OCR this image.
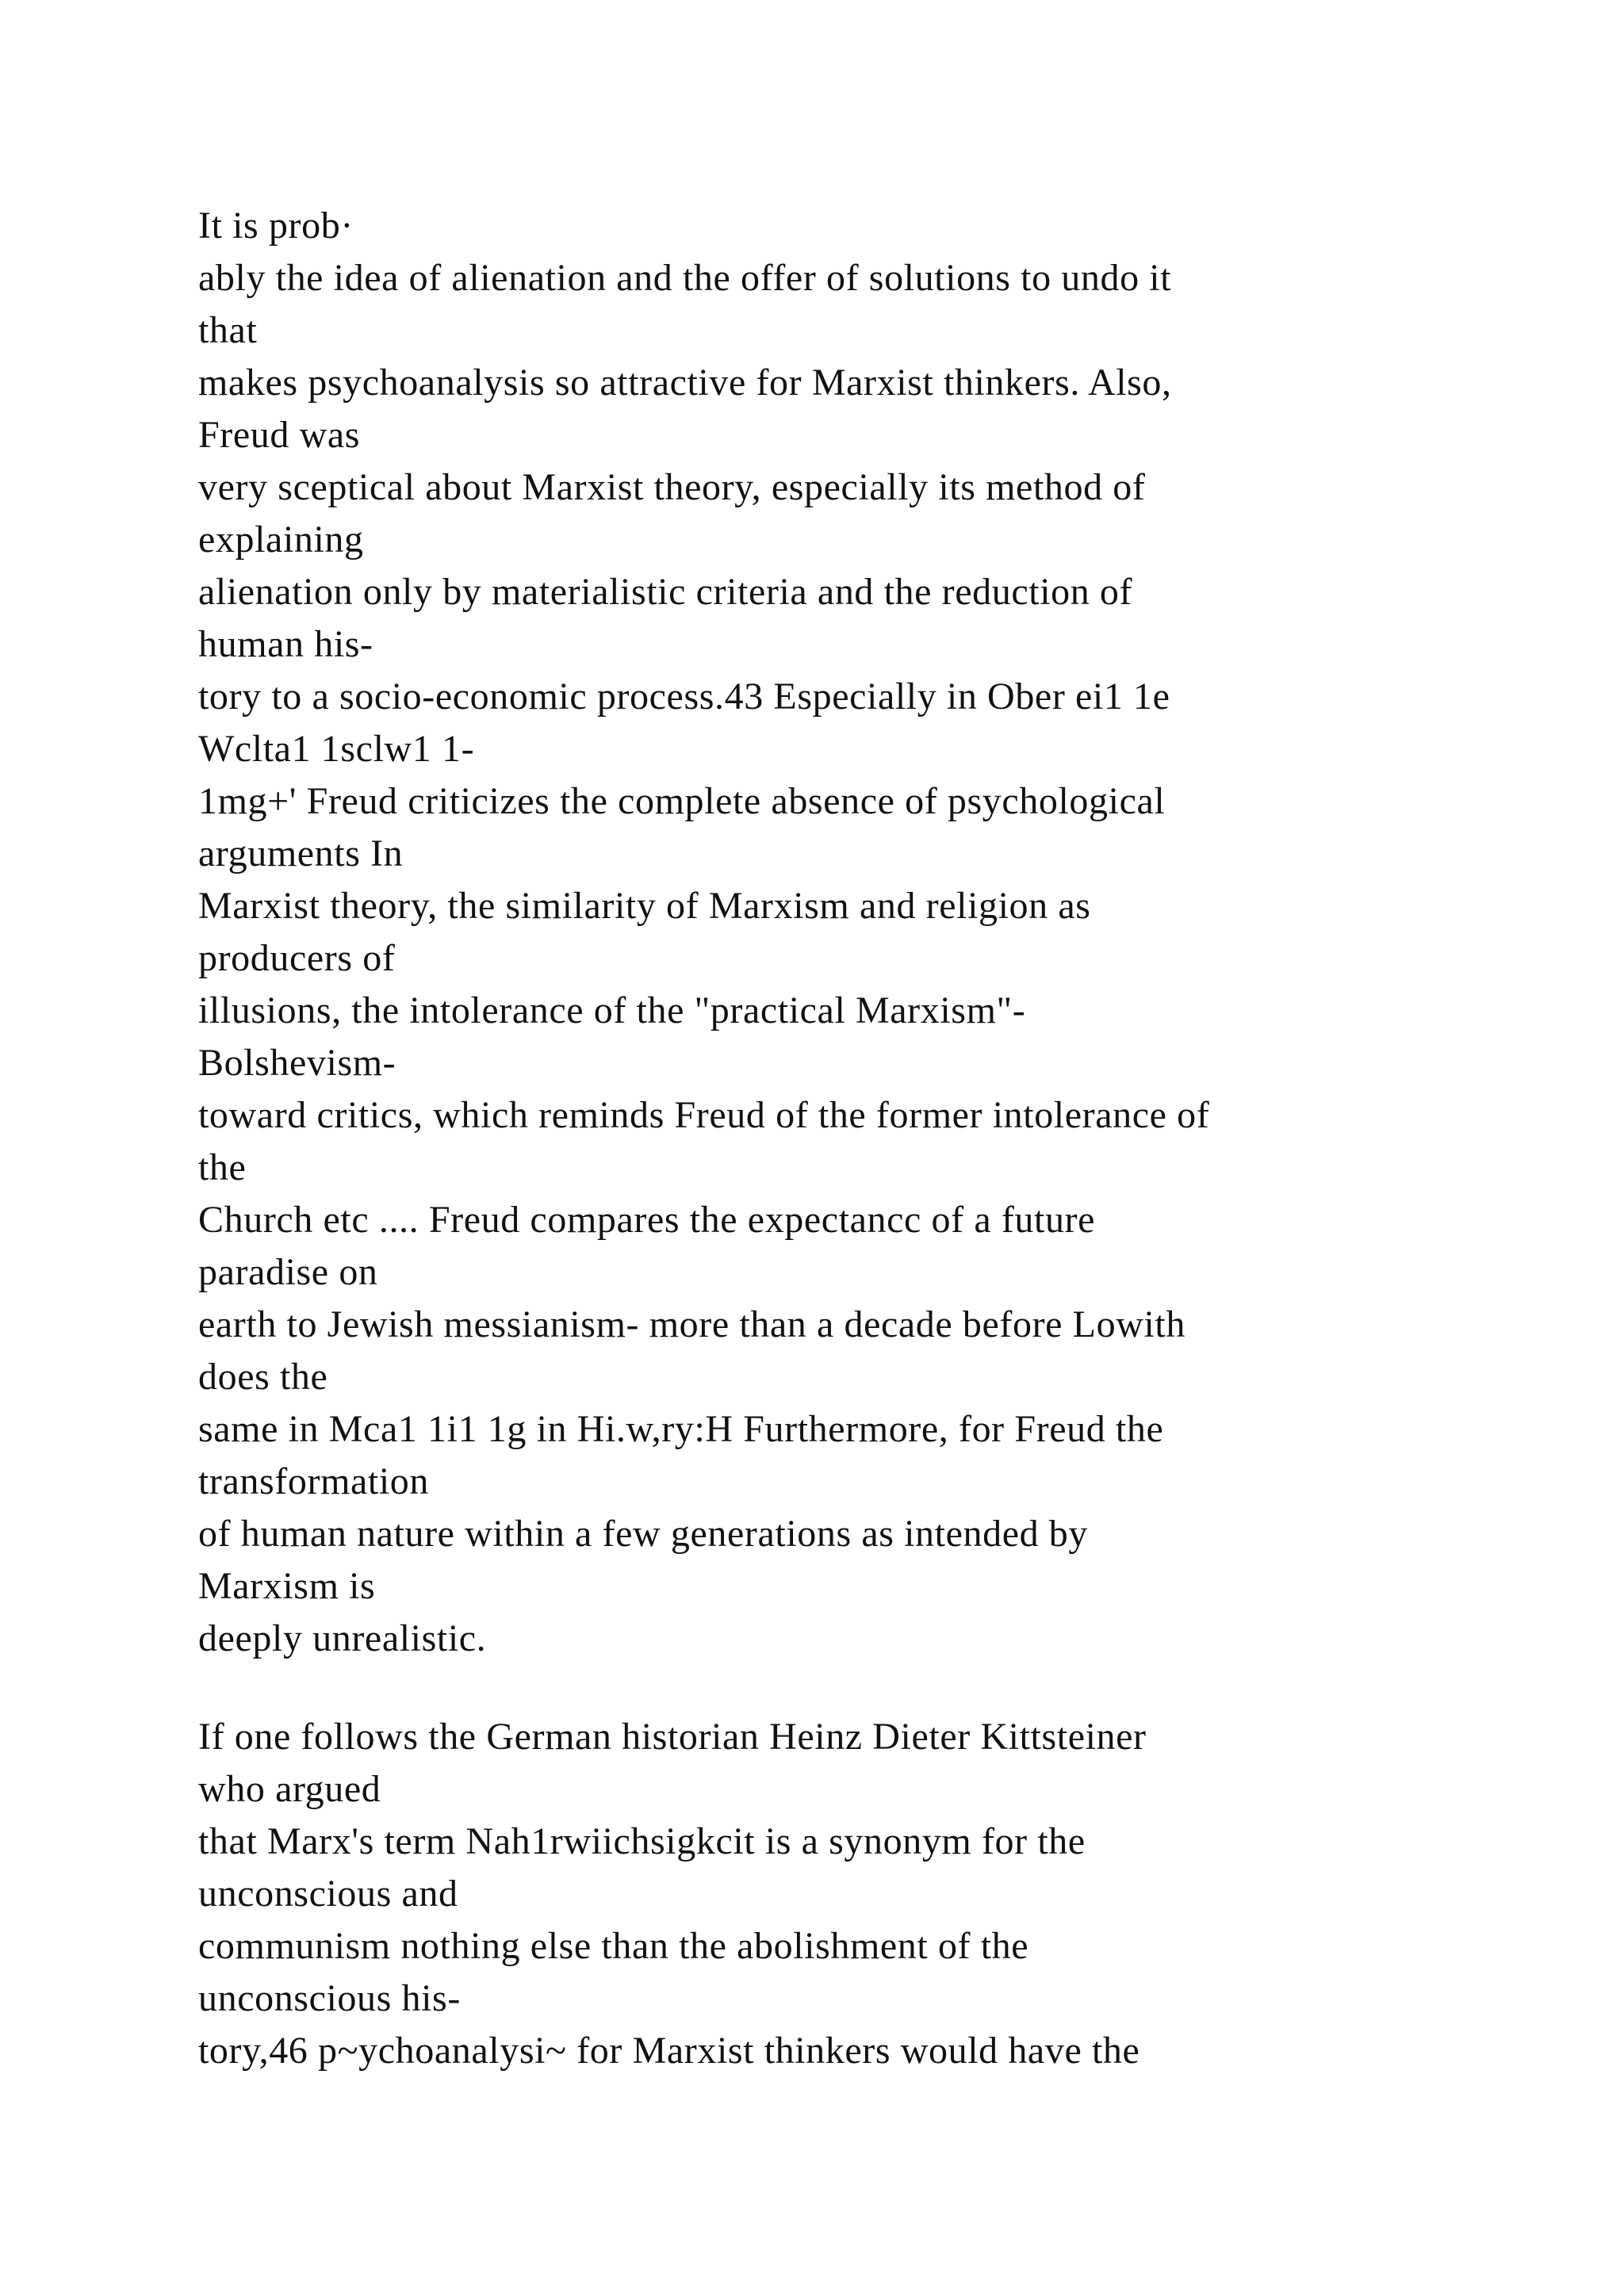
It is prob·
ably the idea of alienation and the offer of solutions to undo it
that
makes psychoanalysis so attractive for Marxist thinkers. Also,
Freud was
very sceptical about Marxist theory, especially its method of
explaining
alienation only by materialistic criteria and the reduction of
human his-
tory to a socio-economic process.43 Especially in Ober ei1 1e
Wclta1 1sclw1 1-
1mg+' Freud criticizes the complete absence of psychological
arguments In
Marxist theory, the similarity of Marxism and religion as
producers of
illusions, the intolerance of the "practical Marxism"-
Bolshevism-
toward critics, which reminds Freud of the former intolerance of
the
Church etc .... Freud compares the expectancc of a future
paradise on
earth to Jewish messianism- more than a decade before Lowith
does the
same in Mca1 1i1 1g in Hi.w,ry:H Furthermore, for Freud the
transformation
of human nature within a few generations as intended by
Marxism is
deeply unrealistic.
If one follows the German historian Heinz Dieter Kittsteiner
who argued
that Marx's term Nah1rwiichsigkcit is a synonym for the
unconscious and
communism nothing else than the abolishment of the
unconscious his-
tory,46 p~ychoanalysi~ for Marxist thinkers would have the
